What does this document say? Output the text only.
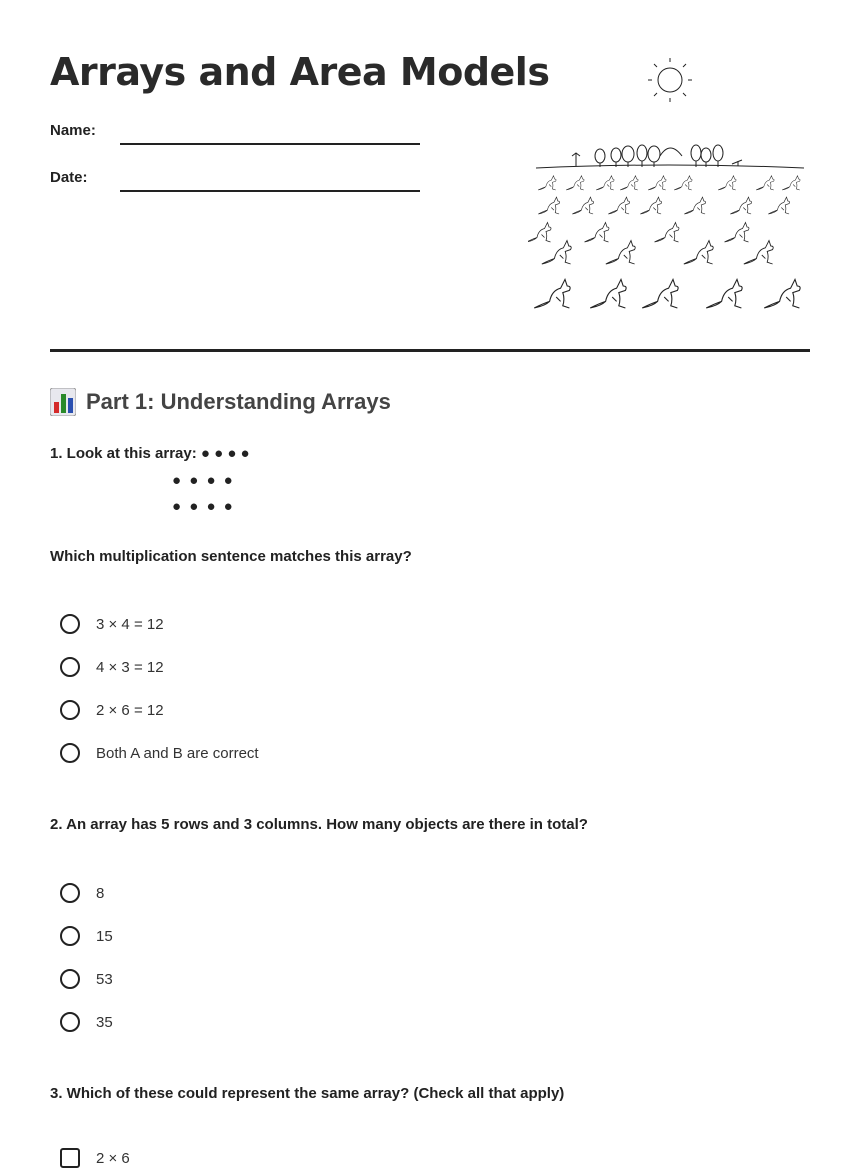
Arrays and Area Models
Name:
Date:
Part 1: Understanding Arrays

1. Look at this array: ● ● ● ●

● ● ● ●
● ● ● ●

Which multiplication sentence matches this array?

3 × 4 = 12
4 × 3 = 12
2 × 6 = 12
Both A and B are correct

2. An array has 5 rows and 3 columns. How many objects are there in total?

8
15
53
35

3. Which of these could represent the same array? (Check all that apply)

2 × 6
